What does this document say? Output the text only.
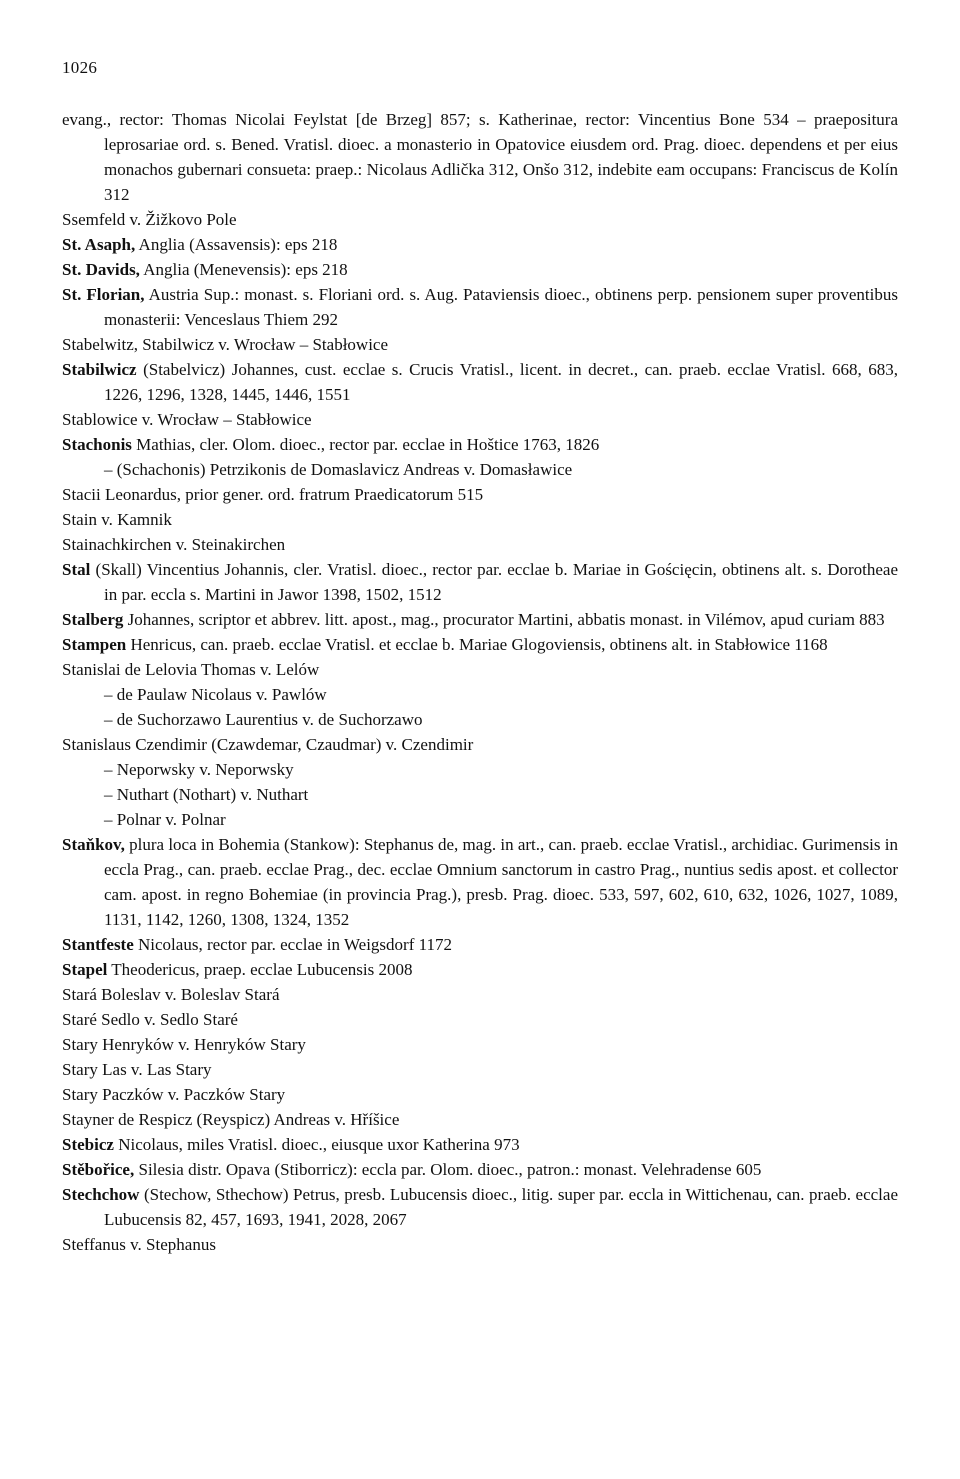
1026
evang., rector: Thomas Nicolai Feylstat [de Brzeg] 857; s. Katherinae, rector: Vincentius Bone 534 – praepositura leprosariae ord. s. Bened. Vratisl. dioec. a monasterio in Opatovice eiusdem ord. Prag. dioec. dependens et per eius monachos gubernari consueta: praep.: Nicolaus Adlička 312, Onšo 312, indebite eam occupans: Franciscus de Kolín 312
Ssemfeld v. Žižkovo Pole
St. Asaph, Anglia (Assavensis): eps 218
St. Davids, Anglia (Menevensis): eps 218
St. Florian, Austria Sup.: monast. s. Floriani ord. s. Aug. Pataviensis dioec., obtinens perp. pensionem super proventibus monasterii: Venceslaus Thiem 292
Stabelwitz, Stabilwicz v. Wrocław – Stabłowice
Stabilwicz (Stabelvicz) Johannes, cust. ecclae s. Crucis Vratisl., licent. in decret., can. praeb. ecclae Vratisl. 668, 683, 1226, 1296, 1328, 1445, 1446, 1551
Stablowice v. Wrocław – Stabłowice
Stachonis Mathias, cler. Olom. dioec., rector par. ecclae in Hoštice 1763, 1826
– (Schachonis) Petrzikonis de Domaslavicz Andreas v. Domasławice
Stacii Leonardus, prior gener. ord. fratrum Praedicatorum 515
Stain v. Kamnik
Stainachkirchen v. Steinakirchen
Stal (Skall) Vincentius Johannis, cler. Vratisl. dioec., rector par. ecclae b. Mariae in Gościęcin, obtinens alt. s. Dorotheae in par. eccla s. Martini in Jawor 1398, 1502, 1512
Stalberg Johannes, scriptor et abbrev. litt. apost., mag., procurator Martini, abbatis monast. in Vilémov, apud curiam 883
Stampen Henricus, can. praeb. ecclae Vratisl. et ecclae b. Mariae Glogoviensis, obtinens alt. in Stabłowice 1168
Stanislai de Lelovia Thomas v. Lelów
– de Paulaw Nicolaus v. Pawlów
– de Suchorzawo Laurentius v. de Suchorzawo
Stanislaus Czendimir (Czawdemar, Czaudmar) v. Czendimir
– Neporwsky v. Neporwsky
– Nuthart (Nothart) v. Nuthart
– Polnar v. Polnar
Staňkov, plura loca in Bohemia (Stankow): Stephanus de, mag. in art., can. praeb. ecclae Vratisl., archidiac. Gurimensis in eccla Prag., can. praeb. ecclae Prag., dec. ecclae Omnium sanctorum in castro Prag., nuntius sedis apost. et collector cam. apost. in regno Bohemiae (in provincia Prag.), presb. Prag. dioec. 533, 597, 602, 610, 632, 1026, 1027, 1089, 1131, 1142, 1260, 1308, 1324, 1352
Stantfeste Nicolaus, rector par. ecclae in Weigsdorf 1172
Stapel Theodericus, praep. ecclae Lubucensis 2008
Stará Boleslav v. Boleslav Stará
Staré Sedlo v. Sedlo Staré
Stary Henryków v. Henryków Stary
Stary Las v. Las Stary
Stary Paczków v. Paczków Stary
Stayner de Respicz (Reyspicz) Andreas v. Hříšice
Stebicz Nicolaus, miles Vratisl. dioec., eiusque uxor Katherina 973
Stěbořice, Silesia distr. Opava (Stiborricz): eccla par. Olom. dioec., patron.: monast. Velehradense 605
Stechchow (Stechow, Sthechow) Petrus, presb. Lubucensis dioec., litig. super par. eccla in Wittichenau, can. praeb. ecclae Lubucensis 82, 457, 1693, 1941, 2028, 2067
Steffanus v. Stephanus
